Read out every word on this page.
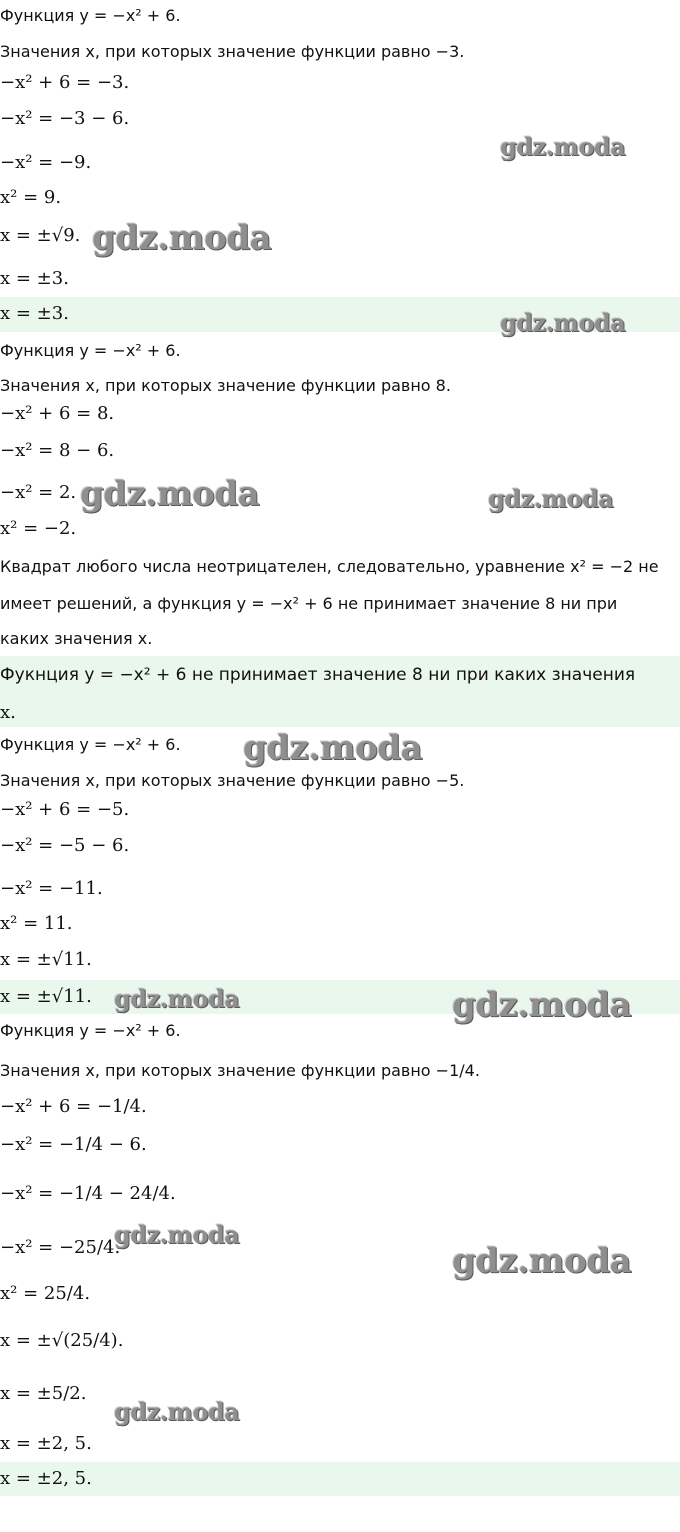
Функция y = −x² + 6.
Значения x, при которых значение функции равно −3.
−x² + 6 = −3.
−x² = −3 − 6.
−x² = −9.
x² = 9.
x = ±√9.
x = ±3.
x = ±3.
Функция y = −x² + 6.
Значения x, при которых значение функции равно 8.
−x² + 6 = 8.
−x² = 8 − 6.
−x² = 2.
x² = −2.
Квадрат любого числа неотрицателен, следовательно, уравнение x² = −2 не
имеет решений, а функция y = −x² + 6 не принимает значение 8 ни при
каких значения x.
Фукнция y = −x² + 6 не принимает значение 8 ни при каких значения
x.
Функция y = −x² + 6.
Значения x, при которых значение функции равно −5.
−x² + 6 = −5.
−x² = −5 − 6.
−x² = −11.
x² = 11.
x = ±√11.
x = ±√11.
Функция y = −x² + 6.
Значения x, при которых значение функции равно −1/4.
−x² + 6 = −1/4.
−x² = −1/4 − 6.
−x² = −1/4 − 24/4.
−x² = −25/4.
x² = 25/4.
x = ±√(25/4).
x = ±5/2.
x = ±2, 5.
x = ±2, 5.
gdz.moda
gdz.moda
gdz.moda
gdz.moda	gdz.moda
gdz.moda
gdz.moda	gdz.moda
gdz.moda
gdz.moda
gdz.moda
